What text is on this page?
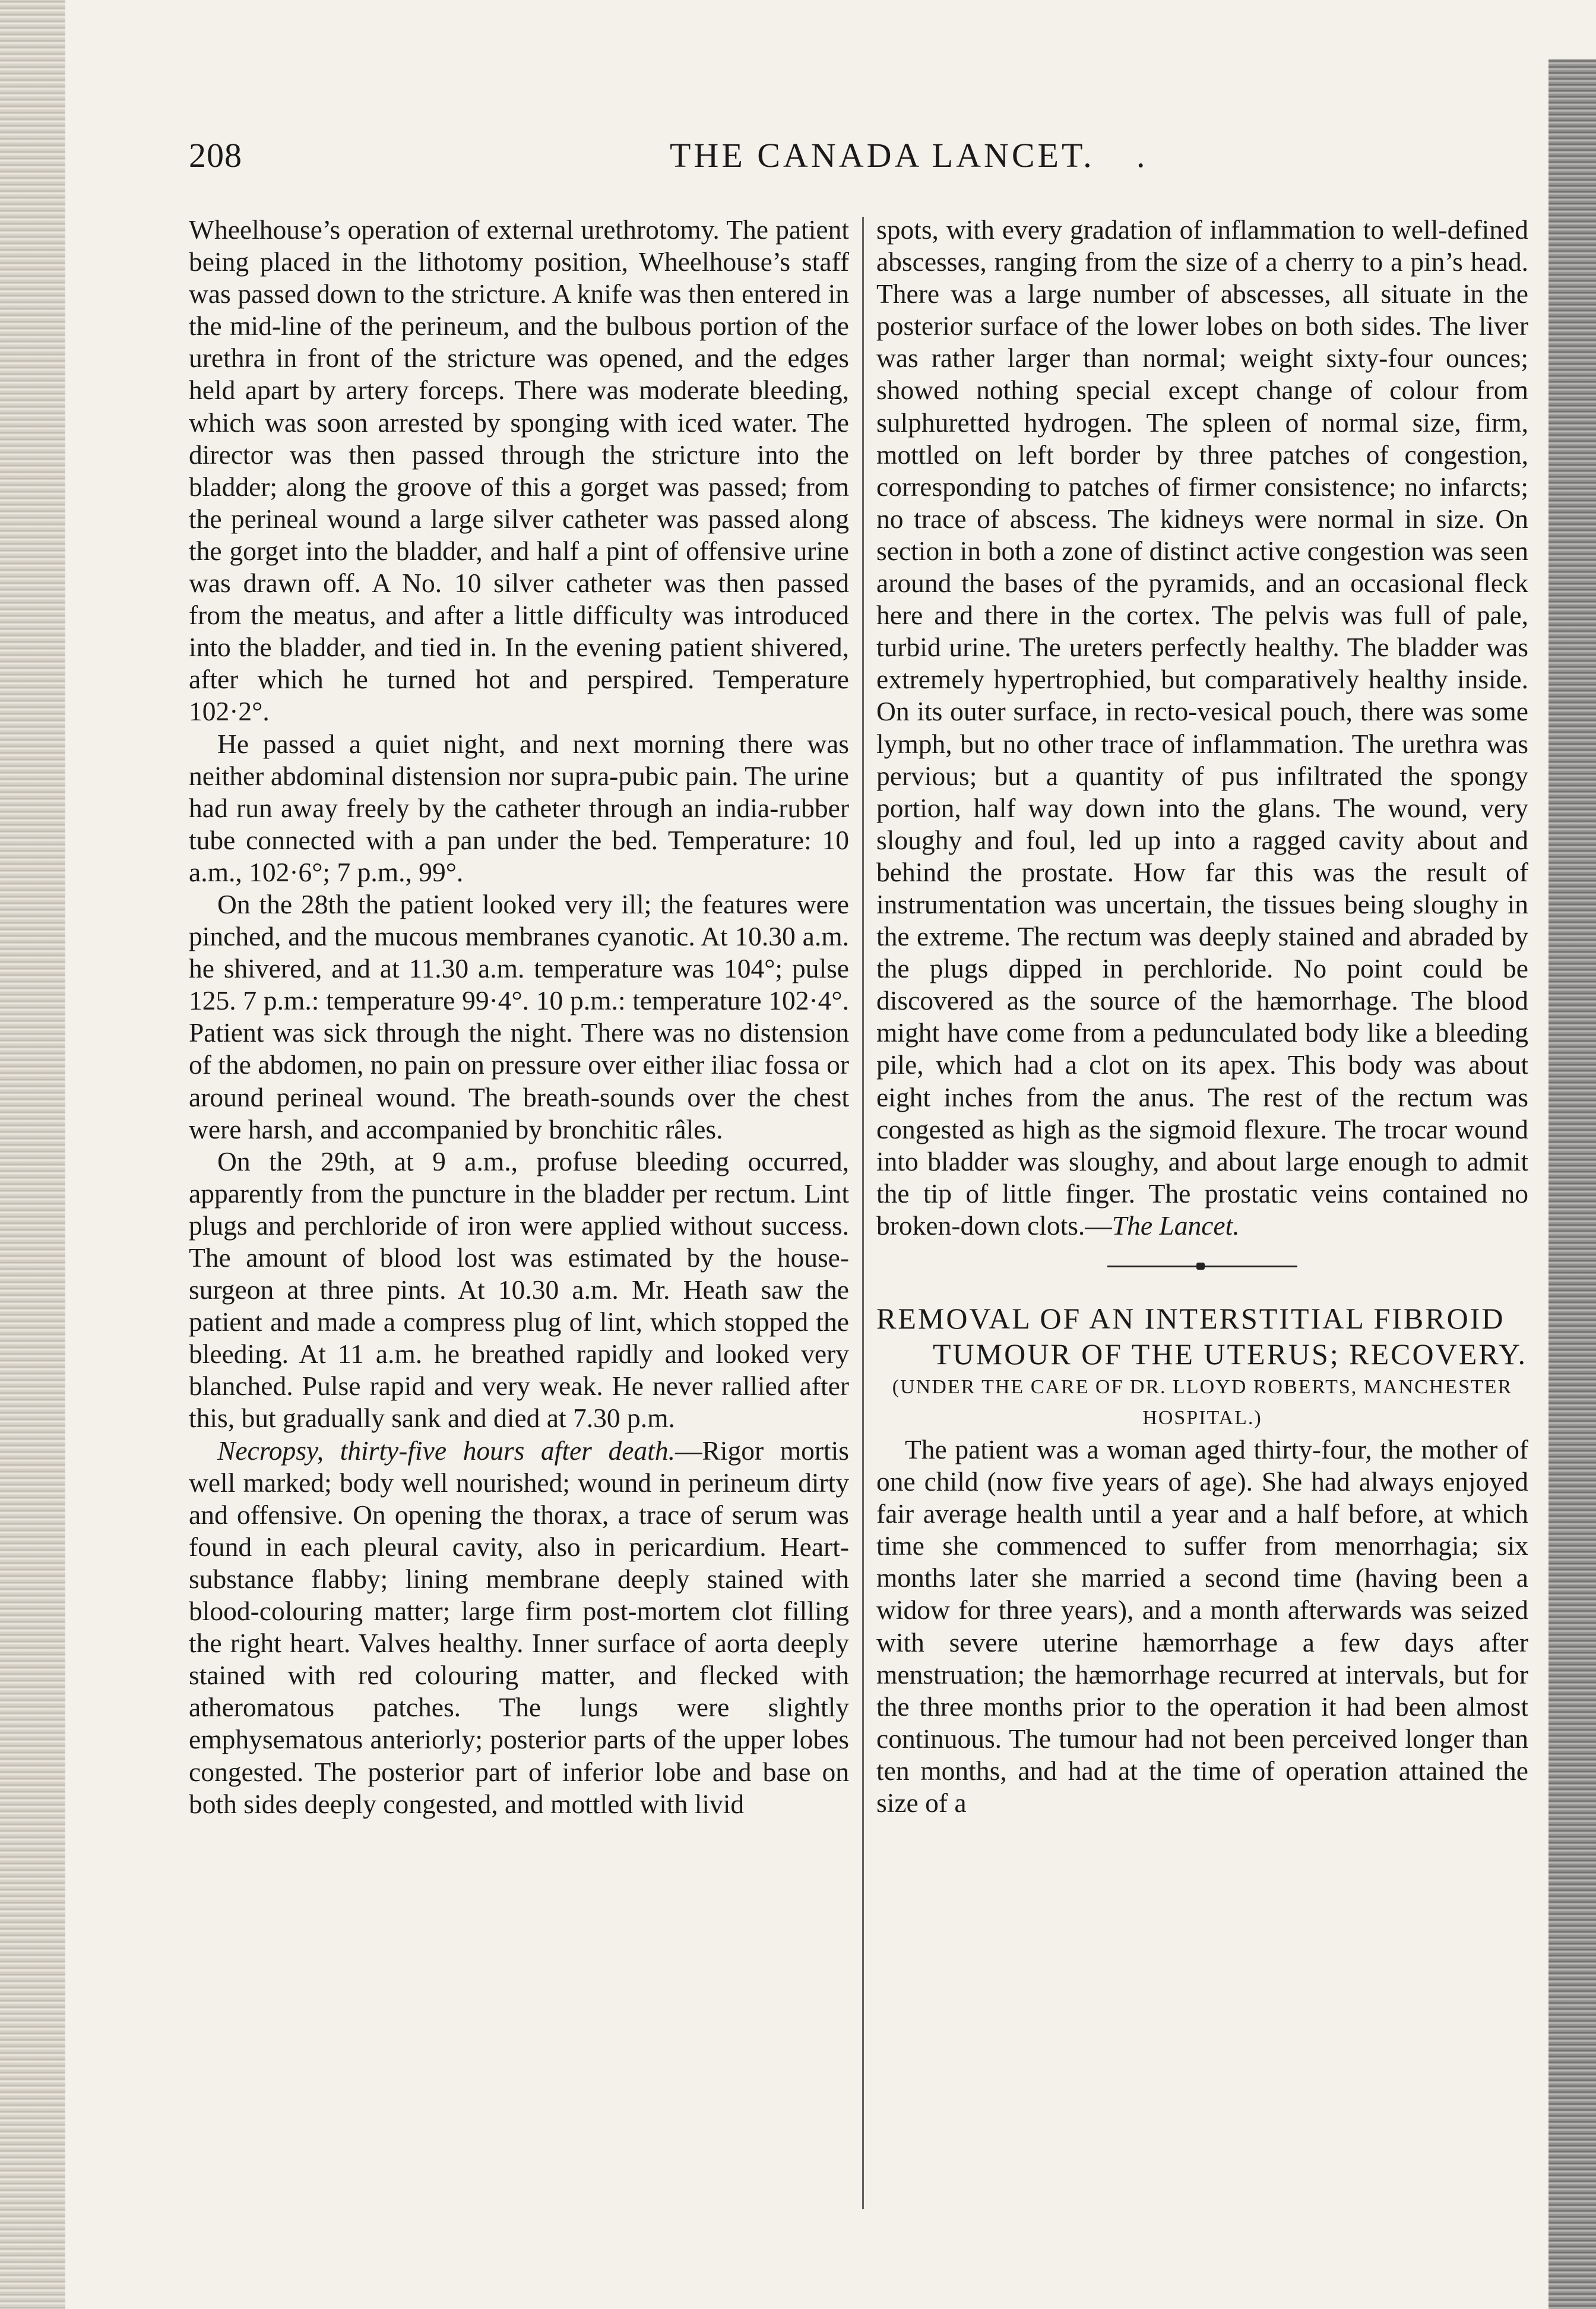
208	THE CANADA LANCET. .

Wheelhouse’s operation of external urethrotomy. The patient being placed in the lithotomy position, Wheelhouse’s staff was passed down to the stricture. A knife was then entered in the mid-line of the perineum, and the bulbous portion of the urethra in front of the stricture was opened, and the edges held apart by artery forceps. There was moderate bleeding, which was soon arrested by sponging with iced water. The director was then passed through the stricture into the bladder; along the groove of this a gorget was passed; from the perineal wound a large silver catheter was passed along the gorget into the bladder, and half a pint of offensive urine was drawn off. A No. 10 silver catheter was then passed from the meatus, and after a little difficulty was introduced into the bladder, and tied in. In the evening patient shivered, after which he turned hot and perspired. Temperature 102·2°.

He passed a quiet night, and next morning there was neither abdominal distension nor supra-pubic pain. The urine had run away freely by the catheter through an india-rubber tube connected with a pan under the bed. Temperature: 10 a.m., 102·6°; 7 p.m., 99°.

On the 28th the patient looked very ill; the features were pinched, and the mucous membranes cyanotic. At 10.30 a.m. he shivered, and at 11.30 a.m. temperature was 104°; pulse 125. 7 p.m.: temperature 99·4°. 10 p.m.: temperature 102·4°. Patient was sick through the night. There was no distension of the abdomen, no pain on pressure over either iliac fossa or around perineal wound. The breath-sounds over the chest were harsh, and accompanied by bronchitic râles.

On the 29th, at 9 a.m., profuse bleeding occurred, apparently from the puncture in the bladder per rectum. Lint plugs and perchloride of iron were applied without success. The amount of blood lost was estimated by the house-surgeon at three pints. At 10.30 a.m. Mr. Heath saw the patient and made a compress plug of lint, which stopped the bleeding. At 11 a.m. he breathed rapidly and looked very blanched. Pulse rapid and very weak. He never rallied after this, but gradually sank and died at 7.30 p.m.

Necropsy, thirty-five hours after death.—Rigor mortis well marked; body well nourished; wound in perineum dirty and offensive. On opening the thorax, a trace of serum was found in each pleural cavity, also in pericardium. Heart-substance flabby; lining membrane deeply stained with blood-colouring matter; large firm post-mortem clot filling the right heart. Valves healthy. Inner surface of aorta deeply stained with red colouring matter, and flecked with atheromatous patches. The lungs were slightly emphysematous anteriorly; posterior parts of the upper lobes congested. The posterior part of inferior lobe and base on both sides deeply congested, and mottled with livid

spots, with every gradation of inflammation to well-defined abscesses, ranging from the size of a cherry to a pin’s head. There was a large number of abscesses, all situate in the posterior surface of the lower lobes on both sides. The liver was rather larger than normal; weight sixty-four ounces; showed nothing special except change of colour from sulphuretted hydrogen. The spleen of normal size, firm, mottled on left border by three patches of congestion, corresponding to patches of firmer consistence; no infarcts; no trace of abscess. The kidneys were normal in size. On section in both a zone of distinct active congestion was seen around the bases of the pyramids, and an occasional fleck here and there in the cortex. The pelvis was full of pale, turbid urine. The ureters perfectly healthy. The bladder was extremely hypertrophied, but comparatively healthy inside. On its outer surface, in recto-vesical pouch, there was some lymph, but no other trace of inflammation. The urethra was pervious; but a quantity of pus infiltrated the spongy portion, half way down into the glans. The wound, very sloughy and foul, led up into a ragged cavity about and behind the prostate. How far this was the result of instrumentation was uncertain, the tissues being sloughy in the extreme. The rectum was deeply stained and abraded by the plugs dipped in perchloride. No point could be discovered as the source of the hæmorrhage. The blood might have come from a pedunculated body like a bleeding pile, which had a clot on its apex. This body was about eight inches from the anus. The rest of the rectum was congested as high as the sigmoid flexure. The trocar wound into bladder was sloughy, and about large enough to admit the tip of little finger. The prostatic veins contained no broken-down clots.—The Lancet.

REMOVAL OF AN INTERSTITIAL FIBROID TUMOUR OF THE UTERUS; RECOVERY.

(UNDER THE CARE OF DR. LLOYD ROBERTS, MANCHESTER HOSPITAL.)

The patient was a woman aged thirty-four, the mother of one child (now five years of age). She had always enjoyed fair average health until a year and a half before, at which time she commenced to suffer from menorrhagia; six months later she married a second time (having been a widow for three years), and a month afterwards was seized with severe uterine hæmorrhage a few days after menstruation; the hæmorrhage recurred at intervals, but for the three months prior to the operation it had been almost continuous. The tumour had not been perceived longer than ten months, and had at the time of operation attained the size of a
